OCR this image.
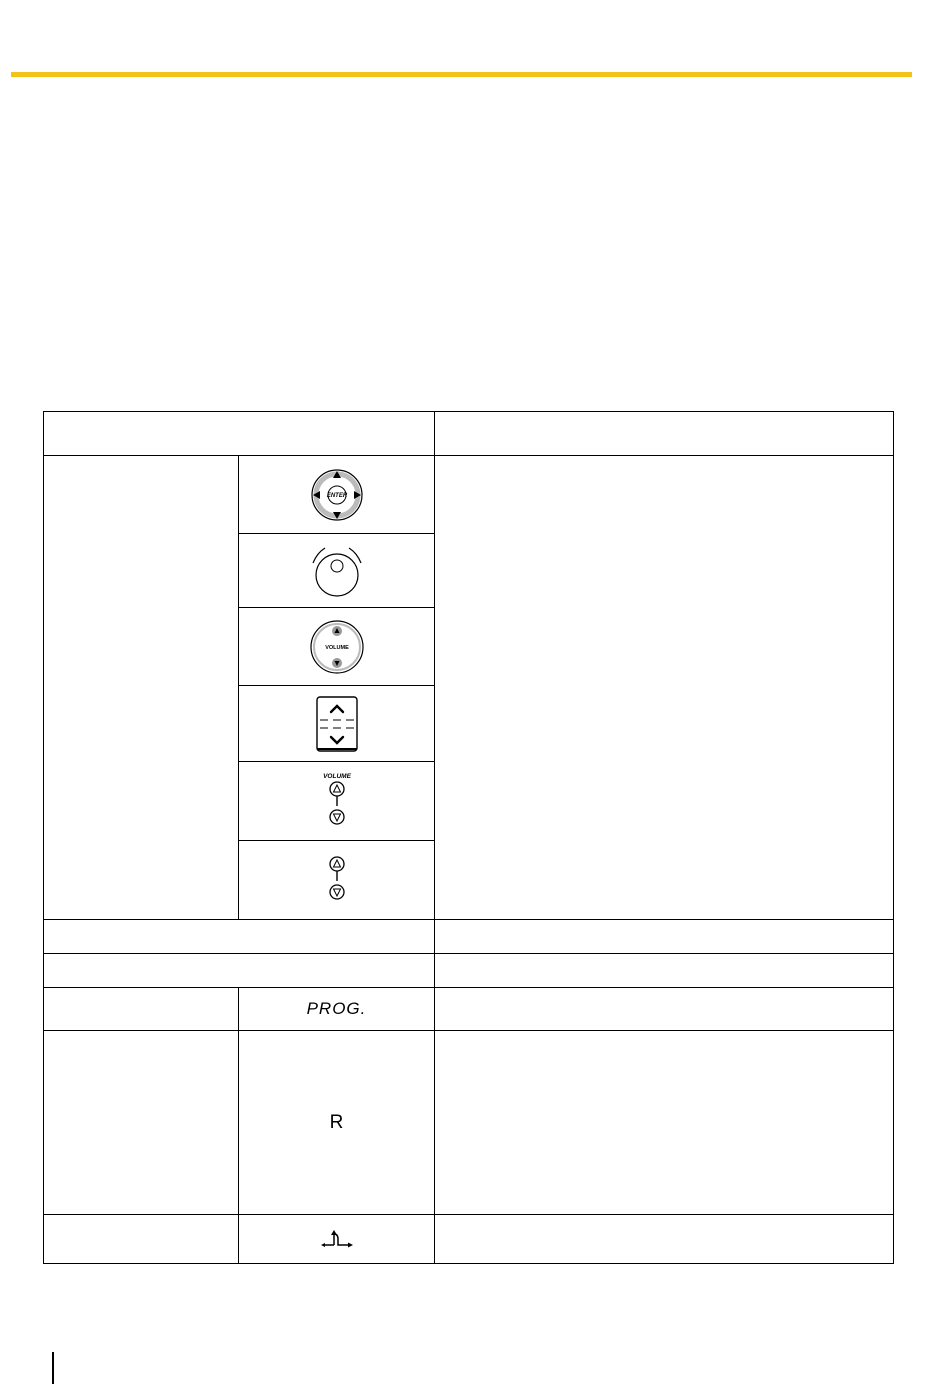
ENTER	

VOLUME	

VOLUME	

	PROG.	
	R	
